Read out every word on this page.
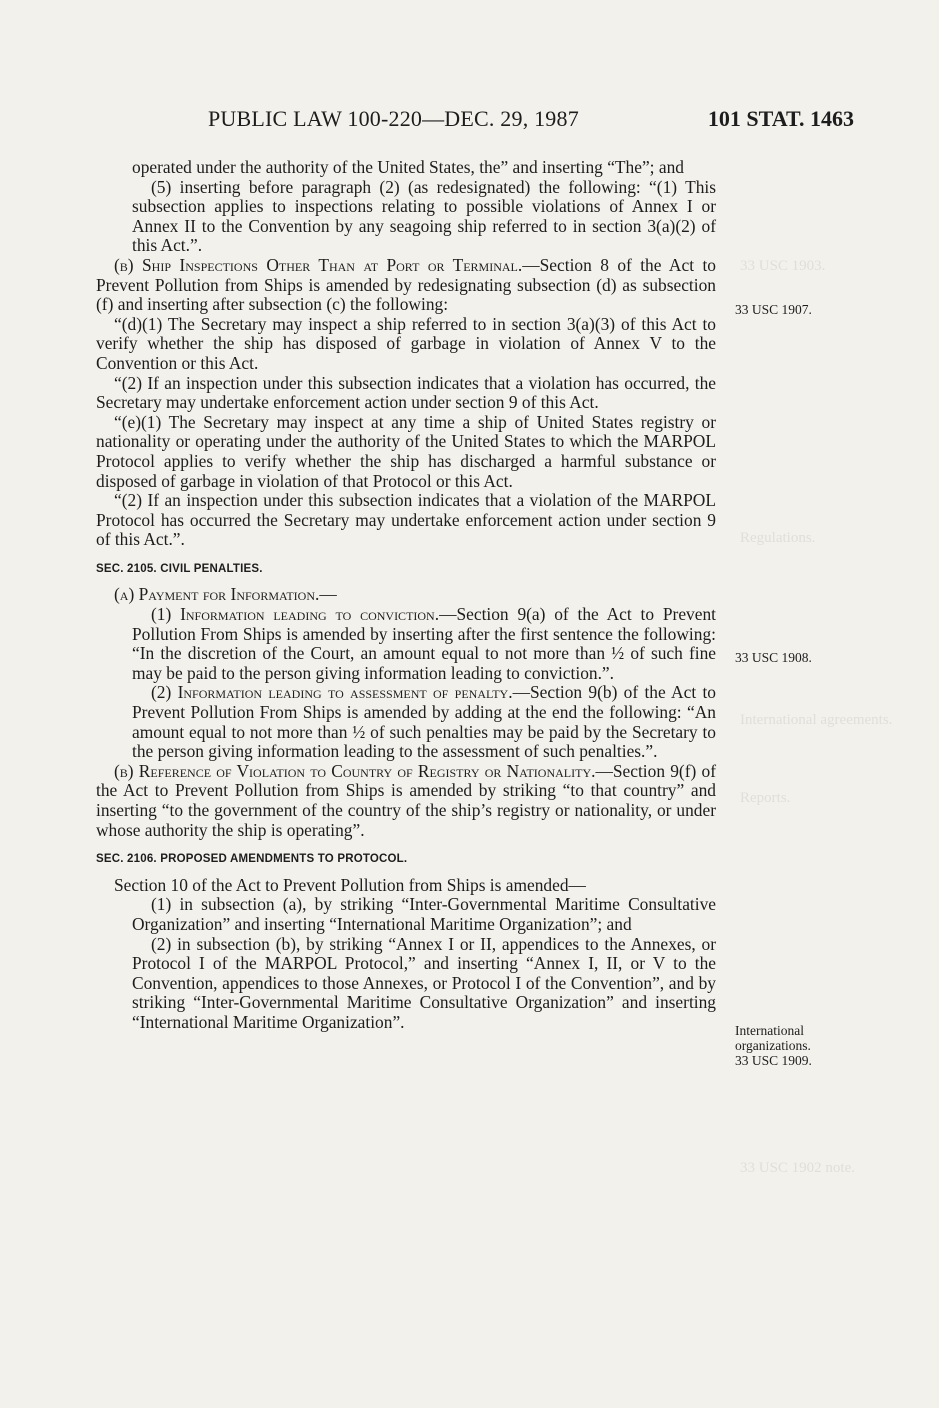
33 USC 1903.
Regulations.
International agreements.
Reports.
33 USC 1902 note.
PUBLIC LAW 100-220—DEC. 29, 1987	101 STAT. 1463

operated under the authority of the United States, the” and inserting “The”; and

(5) inserting before paragraph (2) (as redesignated) the following: “(1) This subsection applies to inspections relating to possible violations of Annex I or Annex II to the Convention by any seagoing ship referred to in section 3(a)(2) of this Act.”.

(b) Ship Inspections Other Than at Port or Terminal.—Section 8 of the Act to Prevent Pollution from Ships is amended by redesignating subsection (d) as subsection (f) and inserting after subsection (c) the following:

“(d)(1) The Secretary may inspect a ship referred to in section 3(a)(3) of this Act to verify whether the ship has disposed of garbage in violation of Annex V to the Convention or this Act.

“(2) If an inspection under this subsection indicates that a violation has occurred, the Secretary may undertake enforcement action under section 9 of this Act.

“(e)(1) The Secretary may inspect at any time a ship of United States registry or nationality or operating under the authority of the United States to which the MARPOL Protocol applies to verify whether the ship has discharged a harmful substance or disposed of garbage in violation of that Protocol or this Act.

“(2) If an inspection under this subsection indicates that a violation of the MARPOL Protocol has occurred the Secretary may undertake enforcement action under section 9 of this Act.”.

SEC. 2105. CIVIL PENALTIES.

(a) Payment for Information.—

(1) Information leading to conviction.—Section 9(a) of the Act to Prevent Pollution From Ships is amended by inserting after the first sentence the following: “In the discretion of the Court, an amount equal to not more than ½ of such fine may be paid to the person giving information leading to conviction.”.

(2) Information leading to assessment of penalty.—Section 9(b) of the Act to Prevent Pollution From Ships is amended by adding at the end the following: “An amount equal to not more than ½ of such penalties may be paid by the Secretary to the person giving information leading to the assessment of such penalties.”.

(b) Reference of Violation to Country of Registry or Nationality.—Section 9(f) of the Act to Prevent Pollution from Ships is amended by striking “to that country” and inserting “to the government of the country of the ship’s registry or nationality, or under whose authority the ship is operating”.

SEC. 2106. PROPOSED AMENDMENTS TO PROTOCOL.

Section 10 of the Act to Prevent Pollution from Ships is amended—

(1) in subsection (a), by striking “Inter-Governmental Maritime Consultative Organization” and inserting “International Maritime Organization”; and

(2) in subsection (b), by striking “Annex I or II, appendices to the Annexes, or Protocol I of the MARPOL Protocol,” and inserting “Annex I, II, or V to the Convention, appendices to those Annexes, or Protocol I of the Convention”, and by striking “Inter-Governmental Maritime Consultative Organization” and inserting “International Maritime Organization”.

33 USC 1907.
33 USC 1908.

International

organizations.

33 USC 1909.
